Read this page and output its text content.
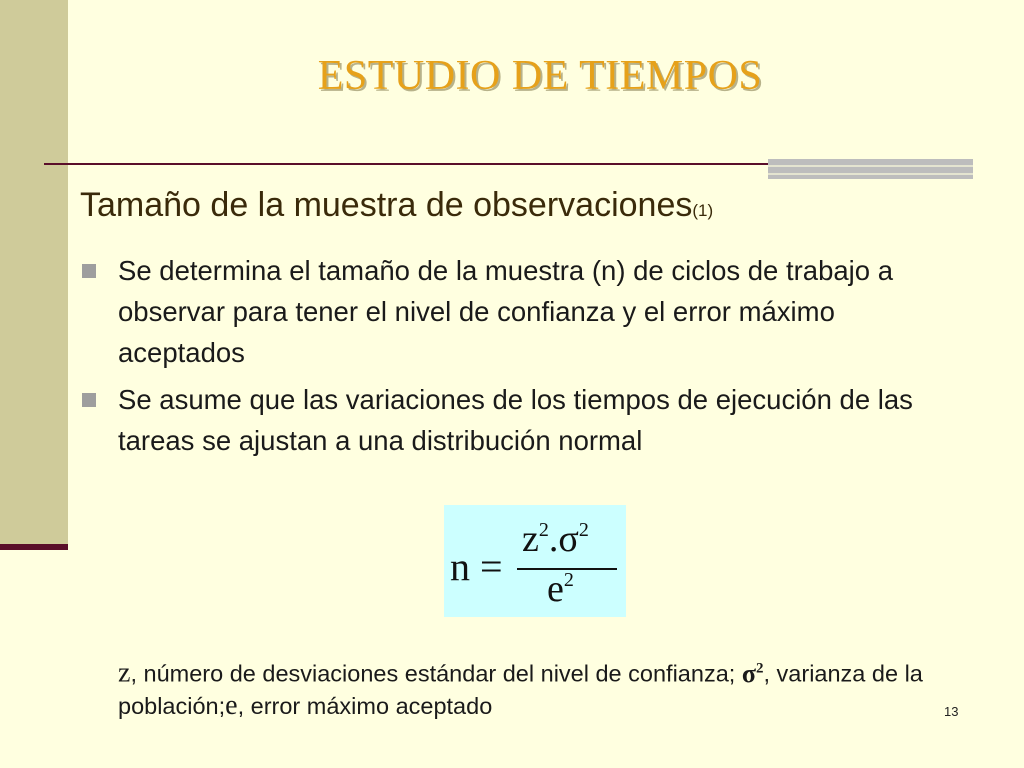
ESTUDIO DE TIEMPOS
Tamaño de la muestra de observaciones(1)
Se determina el tamaño de la muestra (n) de ciclos de trabajo a observar para tener el nivel de confianza y el error máximo aceptados
Se asume que las variaciones de los tiempos de ejecución de las tareas se ajustan a una distribución normal
n =
$z^2.\sigma^2$
$e^2$
z, número de desviaciones estándar del nivel de confianza; $\sigma^2$, varianza de la población;e, error máximo aceptado	13
